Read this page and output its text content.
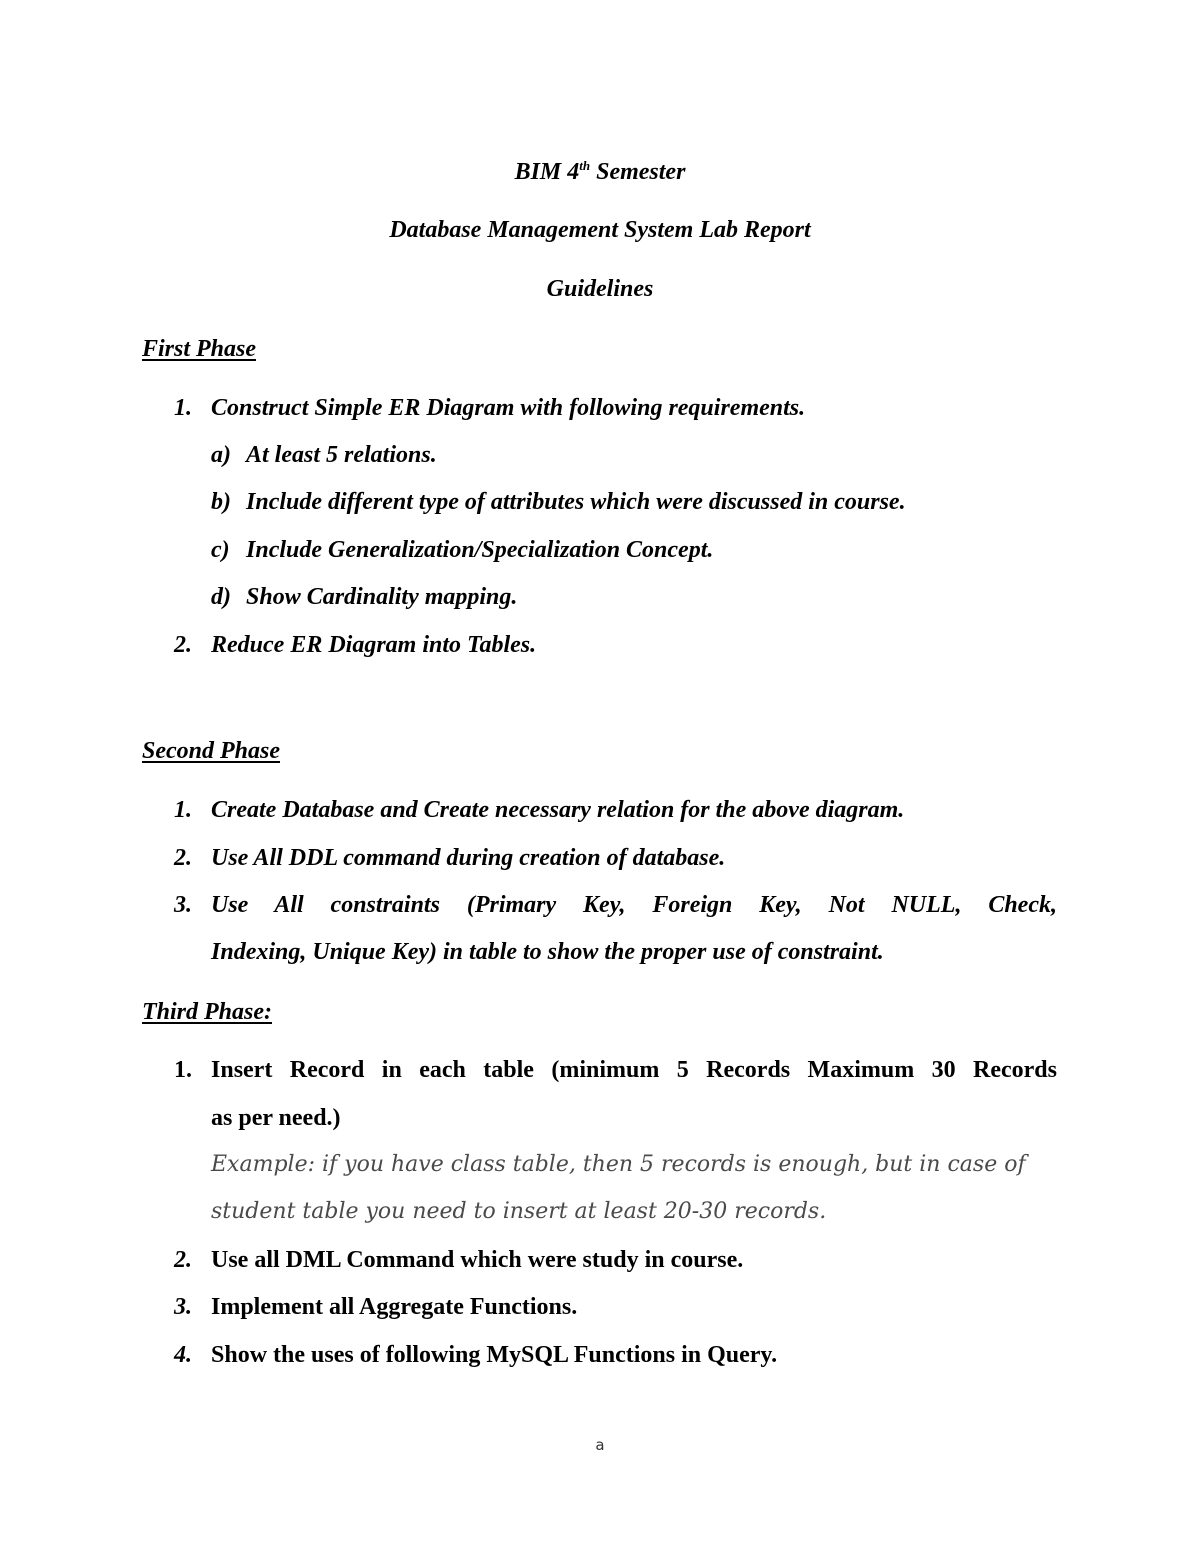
BIM 4th Semester
Database Management System Lab Report
Guidelines
First Phase
1. Construct Simple ER Diagram with following requirements.
a) At least 5 relations.
b) Include different type of attributes which were discussed in course.
c) Include Generalization/Specialization Concept.
d) Show Cardinality mapping.
2. Reduce ER Diagram into Tables.
Second Phase
1. Create Database and Create necessary relation for the above diagram.
2. Use All DDL command during creation of database.
3. Use All constraints (Primary Key, Foreign Key, Not NULL, Check,
Indexing, Unique Key) in table to show the proper use of constraint.
Third Phase:
1. Insert Record in each table (minimum 5 Records Maximum 30 Records
as per need.)
Example: if you have class table, then 5 records is enough, but in case of
student table you need to insert at least 20-30 records.
2. Use all DML Command which were study in course.
3. Implement all Aggregate Functions.
4. Show the uses of following MySQL Functions in Query.
a
